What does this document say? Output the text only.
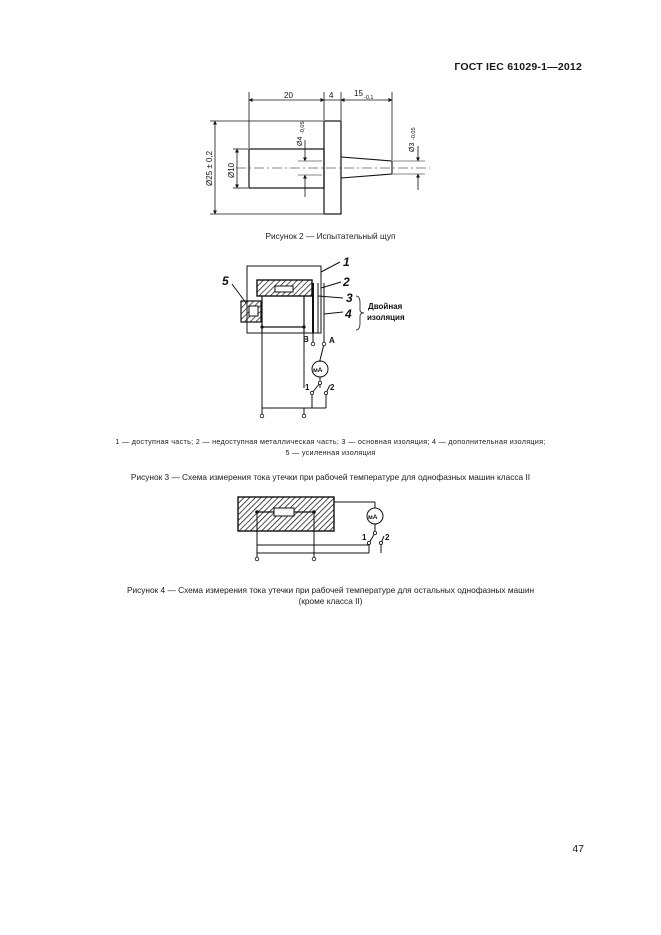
ГОСТ IEC 61029-1—2012
20	4	15 -0,1
Ø25 ± 0,2 Ø10
Ø4
-0,05
Ø3
-0,05
Рисунок 2 — Испытательный щуп
1
2
3
4
5
Двойная
изоляция
В	А
мА
1	2
1 — доступная часть; 2 — недоступная металлическая часть; 3 — основная изоляция; 4 — дополнительная изоляция;
5 — усиленная изоляция
Рисунок 3 — Схема измерения тока утечки при рабочей температуре для однофазных машин класса II
мА
1 2
Рисунок 4 — Схема измерения тока утечки при рабочей температуре для остальных однофазных машин
(кроме класса II)
47
